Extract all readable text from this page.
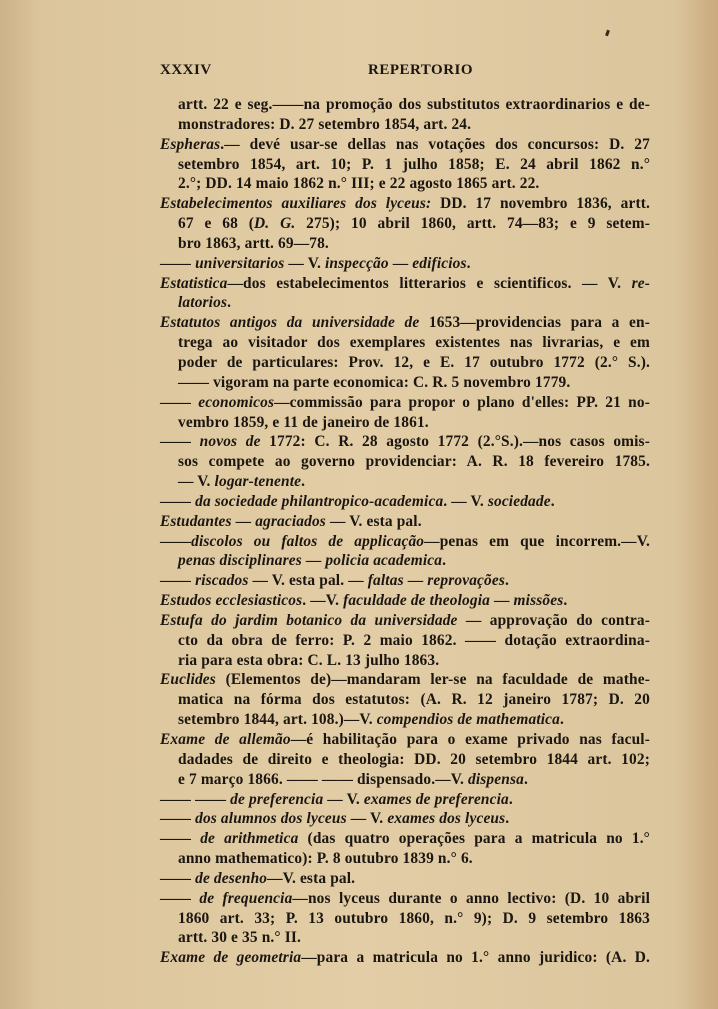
XXXIV	REPERTORIO
artt. 22 e seg.——na promoção dos substitutos extraordinarios e de-
monstradores: D. 27 setembro 1854, art. 24.
Espheras.— devé usar-se dellas nas votações dos concursos: D. 27
setembro 1854, art. 10; P. 1 julho 1858; E. 24 abril 1862 n.°
2.°; DD. 14 maio 1862 n.° III; e 22 agosto 1865 art. 22.
Estabelecimentos auxiliares dos lyceus: DD. 17 novembro 1836, artt.
67 e 68 (D. G. 275); 10 abril 1860, artt. 74—83; e 9 setem-
bro 1863, artt. 69—78.
—— universitarios — V. inspecção — edificios.
Estatistica—dos estabelecimentos litterarios e scientificos. — V. re-
latorios.
Estatutos antigos da universidade de 1653—providencias para a en-
trega ao visitador dos exemplares existentes nas livrarias, e em
poder de particulares: Prov. 12, e E. 17 outubro 1772 (2.° S.).
—— vigoram na parte economica: C. R. 5 novembro 1779.
—— economicos—commissão para propor o plano d'elles: PP. 21 no-
vembro 1859, e 11 de janeiro de 1861.
—— novos de 1772: C. R. 28 agosto 1772 (2.°S.).—nos casos omis-
sos compete ao governo providenciar: A. R. 18 fevereiro 1785.
— V. logar-tenente.
—— da sociedade philantropico-academica. — V. sociedade.
Estudantes — agraciados — V. esta pal.
——discolos ou faltos de applicação—penas em que incorrem.—V.
penas disciplinares — policia academica.
—— riscados — V. esta pal. — faltas — reprovações.
Estudos ecclesiasticos. —V. faculdade de theologia — missões.
Estufa do jardim botanico da universidade — approvação do contra-
cto da obra de ferro: P. 2 maio 1862. —— dotação extraordina-
ria para esta obra: C. L. 13 julho 1863.
Euclides (Elementos de)—mandaram ler-se na faculdade de mathe-
matica na fórma dos estatutos: (A. R. 12 janeiro 1787; D. 20
setembro 1844, art. 108.)—V. compendios de mathematica.
Exame de allemão—é habilitação para o exame privado nas facul-
dadades de direito e theologia: DD. 20 setembro 1844 art. 102;
e 7 março 1866. —— —— dispensado.—V. dispensa.
—— —— de preferencia — V. exames de preferencia.
—— dos alumnos dos lyceus — V. exames dos lyceus.
—— de arithmetica (das quatro operações para a matricula no 1.°
anno mathematico): P. 8 outubro 1839 n.° 6.
—— de desenho—V. esta pal.
—— de frequencia—nos lyceus durante o anno lectivo: (D. 10 abril
1860 art. 33; P. 13 outubro 1860, n.° 9); D. 9 setembro 1863
artt. 30 e 35 n.° II.
Exame de geometria—para a matricula no 1.° anno juridico: (A. D.
